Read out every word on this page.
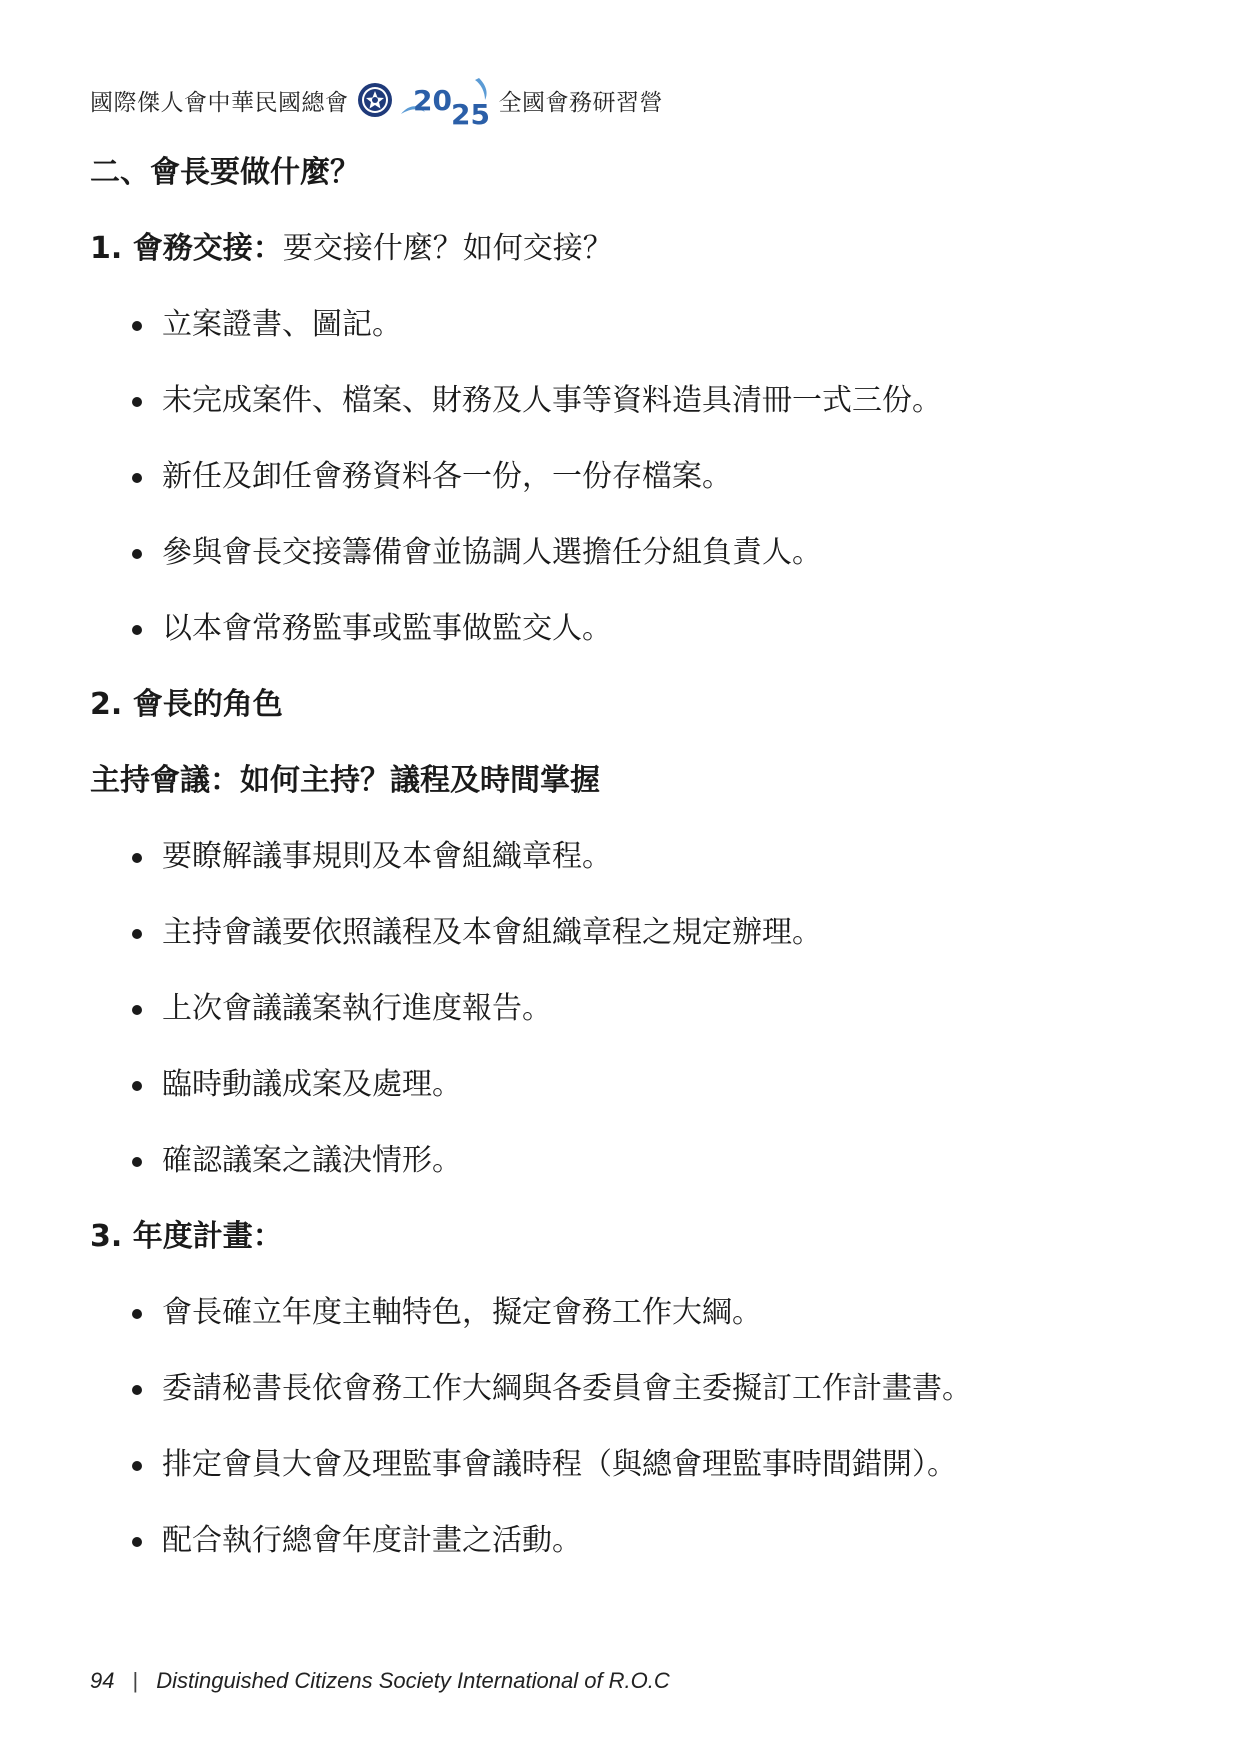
國際傑人會中華民國總會 20 25 全國會務研習營
二、會長要做什麼？
1. 會務交接：要交接什麼？如何交接？
立案證書、圖記。
未完成案件、檔案、財務及人事等資料造具清冊一式三份。
新任及卸任會務資料各一份，一份存檔案。
參與會長交接籌備會並協調人選擔任分組負責人。
以本會常務監事或監事做監交人。
2. 會長的角色
主持會議：如何主持？議程及時間掌握
要瞭解議事規則及本會組織章程。
主持會議要依照議程及本會組織章程之規定辦理。
上次會議議案執行進度報告。
臨時動議成案及處理。
確認議案之議決情形。
3. 年度計畫：
會長確立年度主軸特色，擬定會務工作大綱。
委請秘書長依會務工作大綱與各委員會主委擬訂工作計畫書。
排定會員大會及理監事會議時程（與總會理監事時間錯開）。
配合執行總會年度計畫之活動。
94 | Distinguished Citizens Society International of R.O.C
